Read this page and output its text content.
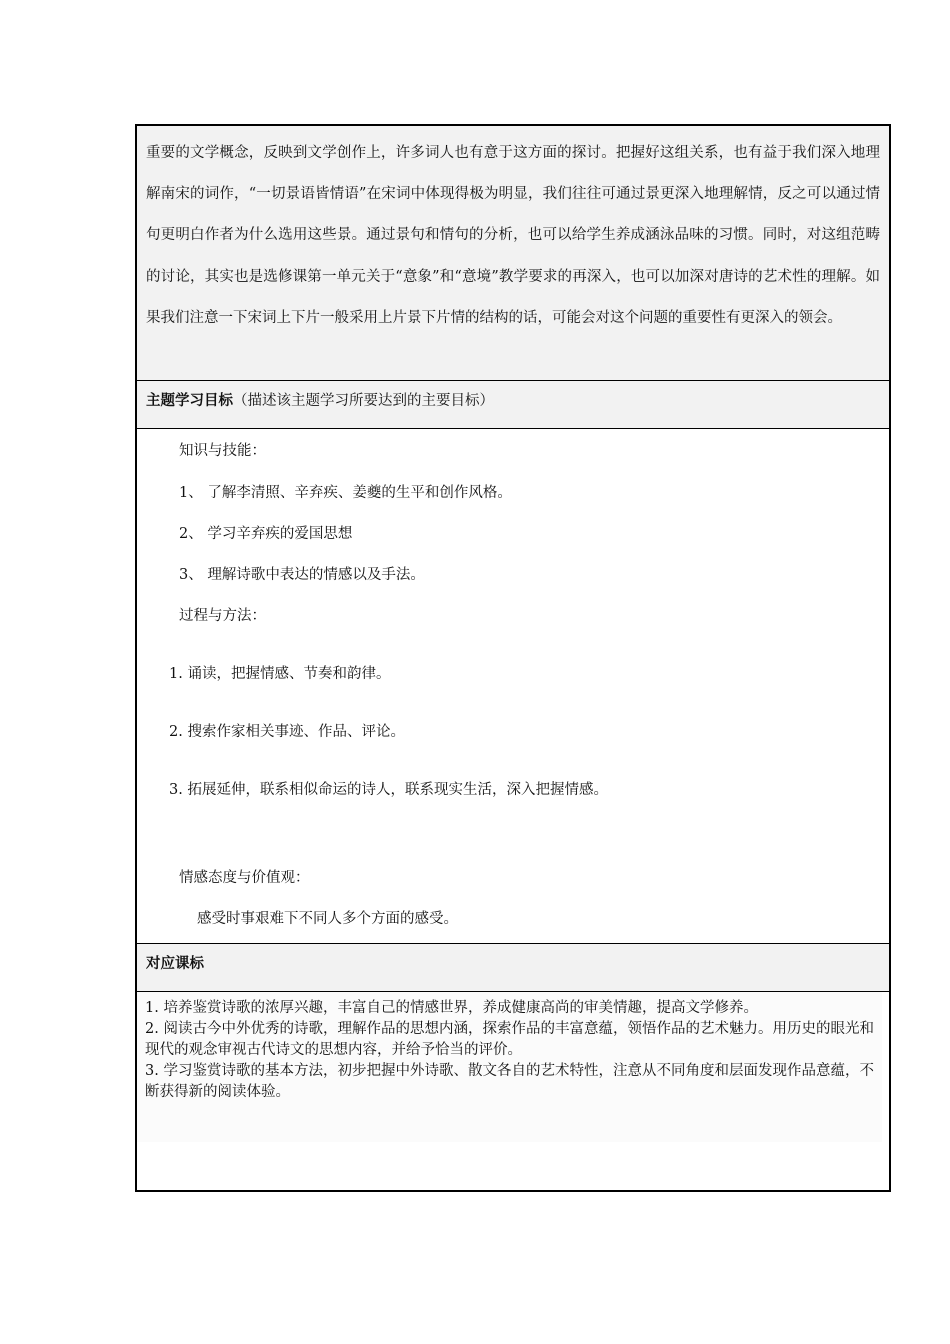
重要的文学概念，反映到文学创作上，许多词人也有意于这方面的探讨。把握好这组关系，也有益于我们深入地理解南宋的词作，“一切景语皆情语”在宋词中体现得极为明显，我们往往可通过景更深入地理解情，反之可以通过情句更明白作者为什么选用这些景。通过景句和情句的分析，也可以给学生养成涵泳品味的习惯。同时，对这组范畴的讨论，其实也是选修课第一单元关于“意象”和“意境”教学要求的再深入，也可以加深对唐诗的艺术性的理解。如果我们注意一下宋词上下片一般采用上片景下片情的结构的话，可能会对这个问题的重要性有更深入的领会。
主题学习目标（描述该主题学习所要达到的主要目标）
知识与技能：
1、 了解李清照、辛弃疾、姜夔的生平和创作风格。
2、 学习辛弃疾的爱国思想
3、 理解诗歌中表达的情感以及手法。
过程与方法：
1. 诵读，把握情感、节奏和韵律。
2. 搜索作家相关事迹、作品、评论。
3. 拓展延伸，联系相似命运的诗人，联系现实生活，深入把握情感。
情感态度与价值观：
感受时事艰难下不同人多个方面的感受。
对应课标

1. 培养鉴赏诗歌的浓厚兴趣，丰富自己的情感世界，养成健康高尚的审美情趣，提高文学修养。

2. 阅读古今中外优秀的诗歌，理解作品的思想内涵，探索作品的丰富意蕴，领悟作品的艺术魅力。用历史的眼光和现代的观念审视古代诗文的思想内容，并给予恰当的评价。

3. 学习鉴赏诗歌的基本方法，初步把握中外诗歌、散文各自的艺术特性，注意从不同角度和层面发现作品意蕴，不断获得新的阅读体验。
